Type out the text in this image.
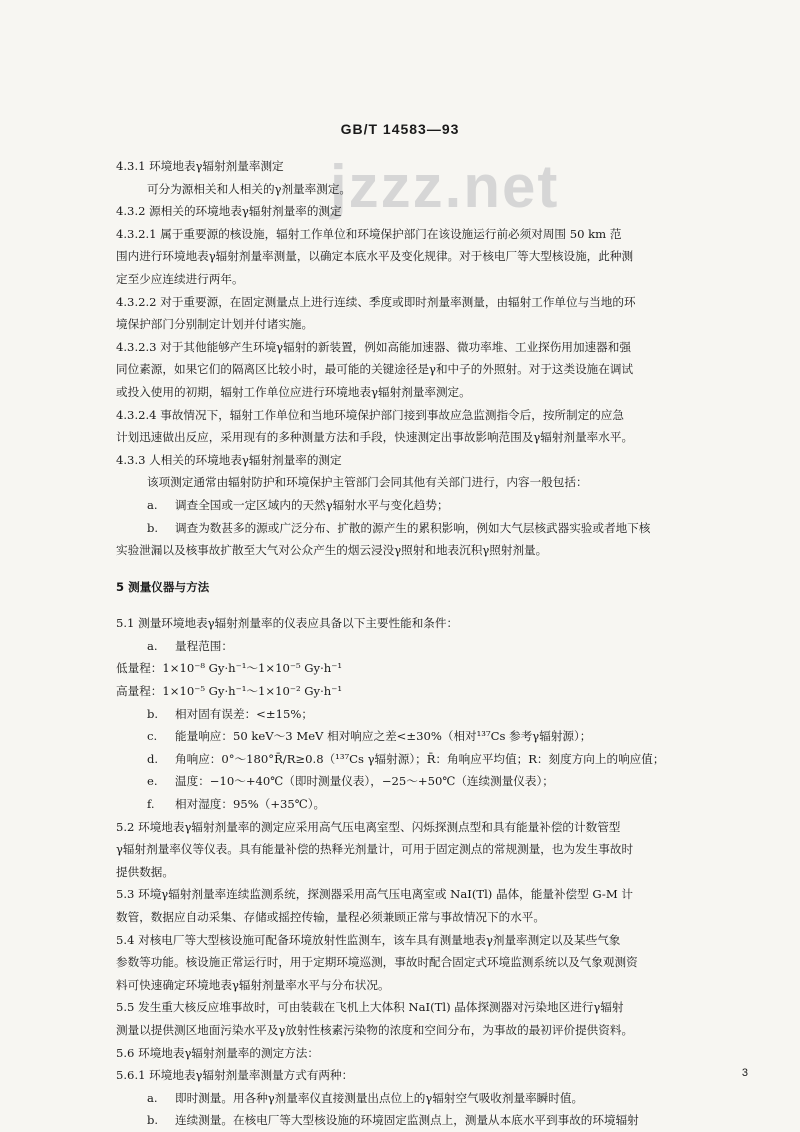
jzzz.net
GB/T 14583—93
4.3.1 环境地表γ辐射剂量率测定
可分为源相关和人相关的γ剂量率测定。
4.3.2 源相关的环境地表γ辐射剂量率的测定
4.3.2.1 属于重要源的核设施，辐射工作单位和环境保护部门在该设施运行前必须对周围 50 km 范
围内进行环境地表γ辐射剂量率测量，以确定本底水平及变化规律。对于核电厂等大型核设施，此种测
定至少应连续进行两年。
4.3.2.2 对于重要源，在固定测量点上进行连续、季度或即时剂量率测量，由辐射工作单位与当地的环
境保护部门分别制定计划并付诸实施。
4.3.2.3 对于其他能够产生环境γ辐射的新装置，例如高能加速器、微功率堆、工业探伤用加速器和强
同位素源，如果它们的隔离区比较小时，最可能的关键途径是γ和中子的外照射。对于这类设施在调试
或投入使用的初期，辐射工作单位应进行环境地表γ辐射剂量率测定。
4.3.2.4 事故情况下，辐射工作单位和当地环境保护部门接到事故应急监测指令后，按所制定的应急
计划迅速做出反应，采用现有的多种测量方法和手段，快速测定出事故影响范围及γ辐射剂量率水平。
4.3.3 人相关的环境地表γ辐射剂量率的测定
该项测定通常由辐射防护和环境保护主管部门会同其他有关部门进行，内容一般包括：
a. 调查全国或一定区域内的天然γ辐射水平与变化趋势；
b. 调查为数甚多的源或广泛分布、扩散的源产生的累积影响，例如大气层核武器实验或者地下核
实验泄漏以及核事故扩散至大气对公众产生的烟云浸没γ照射和地表沉积γ照射剂量。
5 测量仪器与方法
5.1 测量环境地表γ辐射剂量率的仪表应具备以下主要性能和条件：
a. 量程范围：
低量程：1×10⁻⁸ Gy·h⁻¹～1×10⁻⁵ Gy·h⁻¹
高量程：1×10⁻⁵ Gy·h⁻¹～1×10⁻² Gy·h⁻¹
b. 相对固有误差：<±15%；
c. 能量响应：50 keV～3 MeV 相对响应之差<±30%（相对¹³⁷Cs 参考γ辐射源）；
d. 角响应：0°～180°R̄/R≥0.8（¹³⁷Cs γ辐射源）；R̄：角响应平均值；R：刻度方向上的响应值；
e. 温度：−10～+40℃（即时测量仪表），−25～+50℃（连续测量仪表）；
f. 相对湿度：95%（+35℃）。
5.2 环境地表γ辐射剂量率的测定应采用高气压电离室型、闪烁探测点型和具有能量补偿的计数管型
γ辐射剂量率仪等仪表。具有能量补偿的热释光剂量计，可用于固定测点的常规测量，也为发生事故时
提供数据。
5.3 环境γ辐射剂量率连续监测系统，探测器采用高气压电离室或 NaI(Tl) 晶体，能量补偿型 G-M 计
数管，数据应自动采集、存储或摇控传输，量程必须兼顾正常与事故情况下的水平。
5.4 对核电厂等大型核设施可配备环境放射性监测车，该车具有测量地表γ剂量率测定以及某些气象
参数等功能。核设施正常运行时，用于定期环境巡测，事故时配合固定式环境监测系统以及气象观测资
料可快速确定环境地表γ辐射剂量率水平与分布状况。
5.5 发生重大核反应堆事故时，可由装载在飞机上大体积 NaI(Tl) 晶体探测器对污染地区进行γ辐射
测量以提供测区地面污染水平及γ放射性核素污染物的浓度和空间分布，为事故的最初评价提供资料。
5.6 环境地表γ辐射剂量率的测定方法：
5.6.1 环境地表γ辐射剂量率测量方式有两种：
a. 即时测量。用各种γ剂量率仪直接测量出点位上的γ辐射空气吸收剂量率瞬时值。
b. 连续测量。在核电厂等大型核设施的环境固定监测点上，测量从本底水平到事故的环境辐射
3
